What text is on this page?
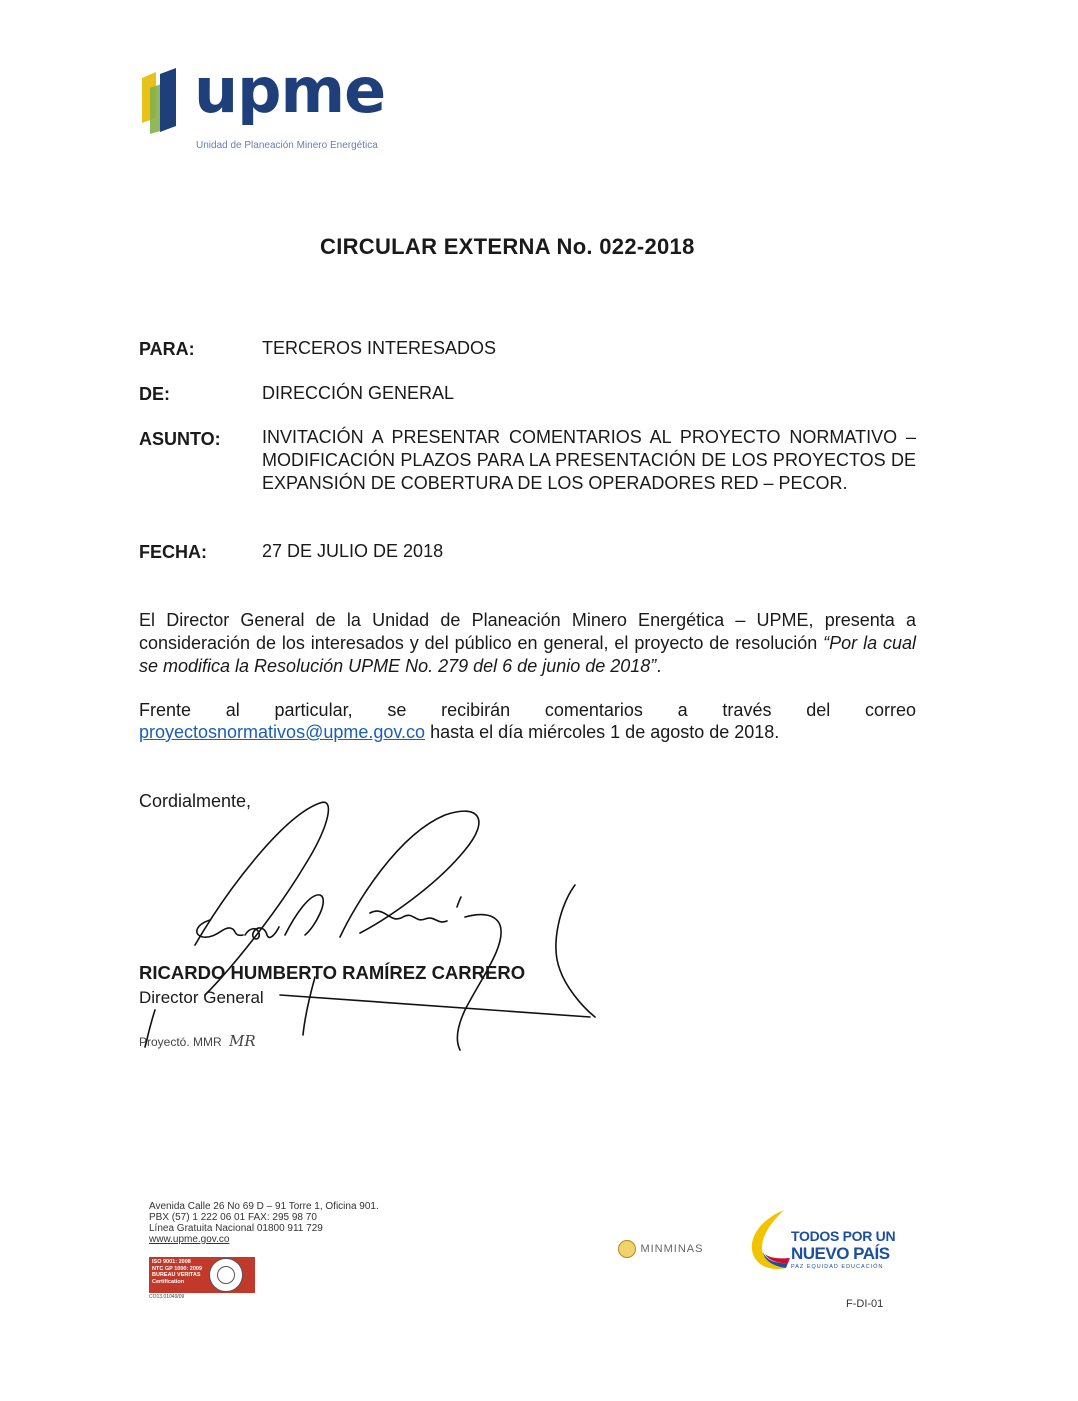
upme
Unidad de Planeación Minero Energética
CIRCULAR EXTERNA No. 022-2018
PARA:	TERCEROS INTERESADOS
DE:	DIRECCIÓN GENERAL
ASUNTO: INVITACIÓN A PRESENTAR COMENTARIOS AL PROYECTO NORMATIVO – MODIFICACIÓN PLAZOS PARA LA PRESENTACIÓN DE LOS PROYECTOS DE EXPANSIÓN DE COBERTURA DE LOS OPERADORES RED – PECOR.
FECHA:	27 DE JULIO DE 2018
El Director General de la Unidad de Planeación Minero Energética – UPME, presenta a consideración de los interesados y del público en general, el proyecto de resolución “Por la cual se modifica la Resolución UPME No. 279 del 6 de junio de 2018”.
Frente al particular, se recibirán comentarios a través del correo
proyectosnormativos@upme.gov.co hasta el día miércoles 1 de agosto de 2018.
Cordialmente,
RICARDO HUMBERTO RAMÍREZ CARRERO
Director General
Proyectó. MMR MR
Avenida Calle 26 No 69 D – 91 Torre 1, Oficina 901.
PBX (57) 1 222 06 01 FAX: 295 98 70
Línea Gratuita Nacional 01800 911 729
www.upme.gov.co
ISO 9001: 2008
NTC GP 1000: 2009
BUREAU VERITAS
Certification
CO13.01049/09
MINMINAS
TODOS POR UN
NUEVO PAÍS
PAZ EQUIDAD EDUCACIÓN
F-DI-01
